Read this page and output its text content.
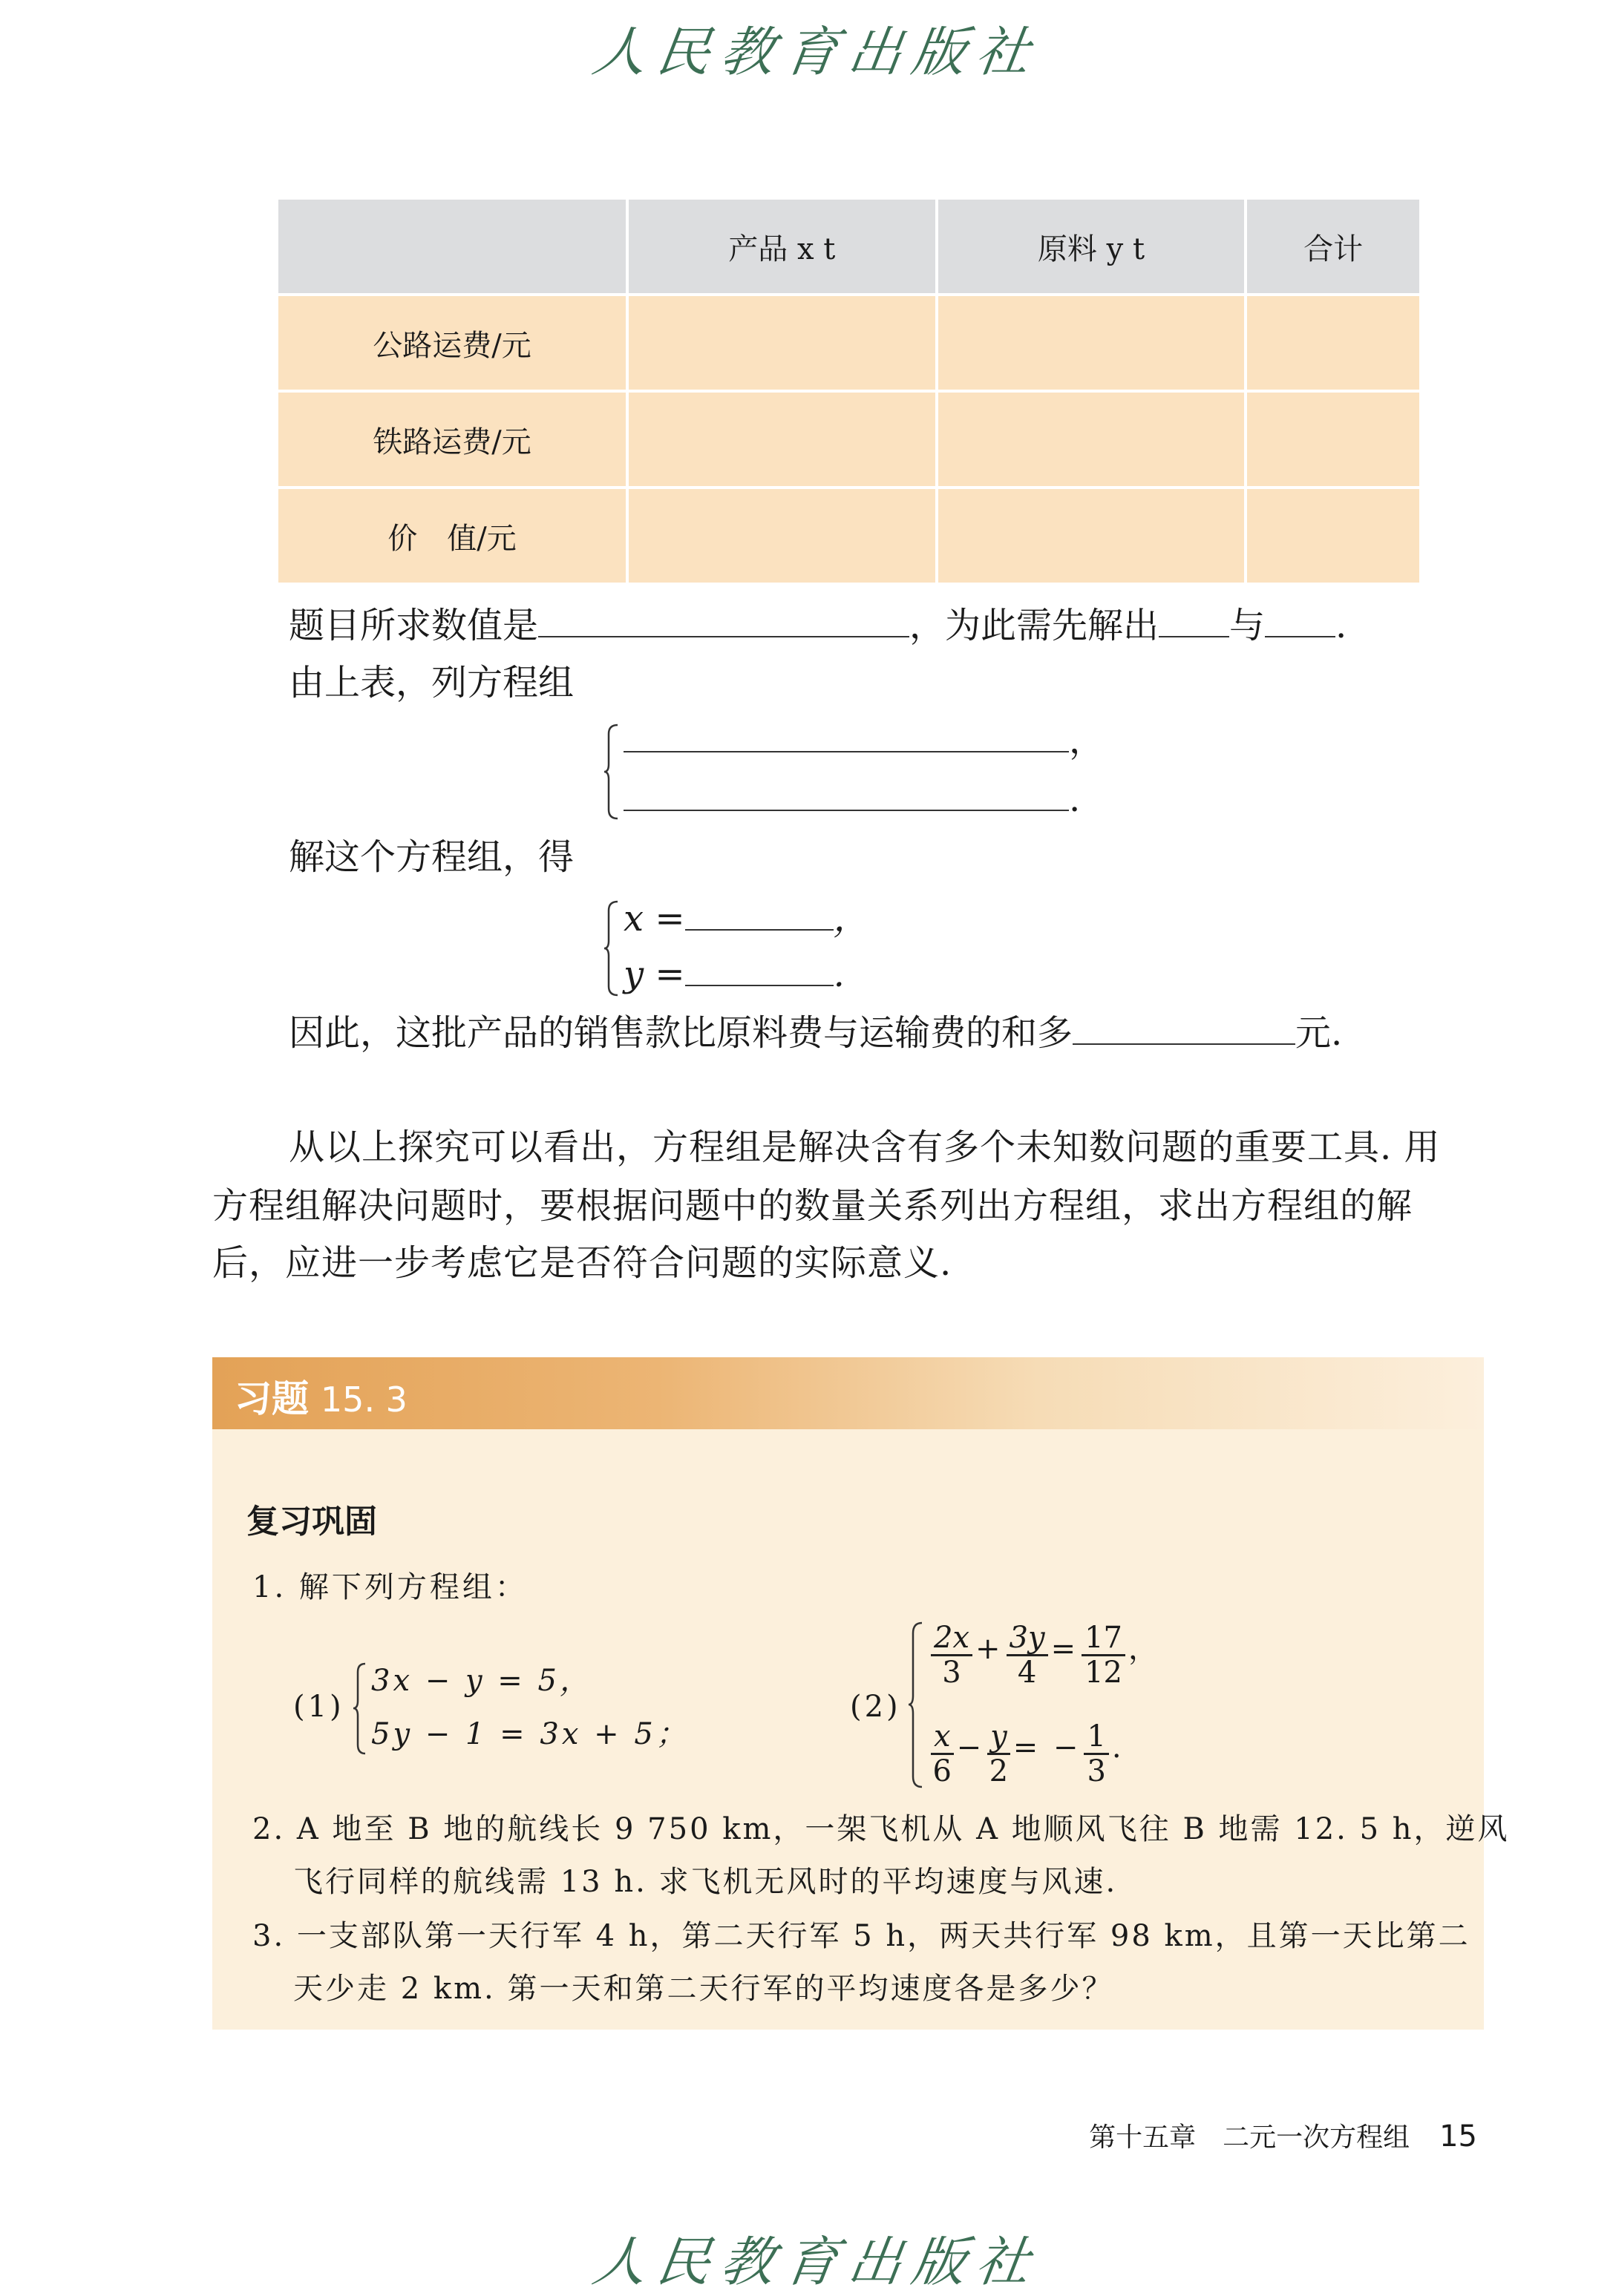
人民教育出版社
	产品 x t	原料 y t	合计
公路运费/元			
铁路运费/元			
价　值/元			
题目所求数值是	，为此需先解出 与 .
由上表，列方程组
，
.
解这个方程组，得
x =	，
y =	.
因此，这批产品的销售款比原料费与运输费的和多	元.
从以上探究可以看出，方程组是解决含有多个未知数问题的重要工具. 用
方程组解决问题时，要根据问题中的数量关系列出方程组，求出方程组的解
后，应进一步考虑它是否符合问题的实际意义.
习题 15. 3
复习巩固
1. 解下列方程组：
(1)
3x − y = 5，
5y − 1 = 3x + 5；
(2)
$\frac{2x}{3} + \frac{3y}{4} = \frac{17}{12}$ ，
$\frac{x}{6} - \frac{y}{2}$ = − $\frac{1}{3}$ .
2. A 地至 B 地的航线长 9 750 km，一架飞机从 A 地顺风飞往 B 地需 12. 5 h，逆风
飞行同样的航线需 13 h. 求飞机无风时的平均速度与风速.
3. 一支部队第一天行军 4 h，第二天行军 5 h，两天共行军 98 km，且第一天比第二
天少走 2 km. 第一天和第二天行军的平均速度各是多少？
第十五章　二元一次方程组 15
人民教育出版社
